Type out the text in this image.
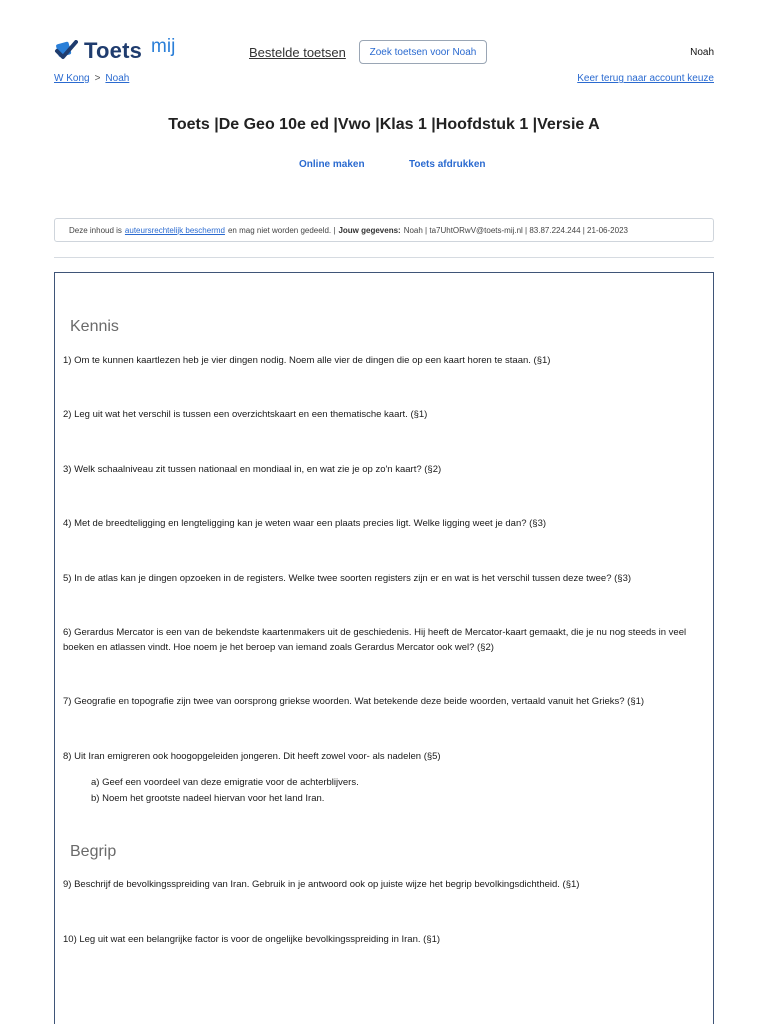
Toets mij	Bestelde toetsen	Zoek toetsen voor Noah	Noah
W Kong > Noah	Keer terug naar account keuze
Toets |De Geo 10e ed |Vwo |Klas 1 |Hoofdstuk 1 |Versie A
Online maken	Toets afdrukken
Deze inhoud is auteursrechtelijk beschermd en mag niet worden gedeeld. | Jouw gegevens: Noah | ta7UhtORwV@toets-mij.nl | 83.87.224.244 | 21-06-2023
Kennis
1) Om te kunnen kaartlezen heb je vier dingen nodig. Noem alle vier de dingen die op een kaart horen te staan. (§1)
2) Leg uit wat het verschil is tussen een overzichtskaart en een thematische kaart. (§1)
3) Welk schaalniveau zit tussen nationaal en mondiaal in, en wat zie je op zo'n kaart? (§2)
4) Met de breedteligging en lengteligging kan je weten waar een plaats precies ligt. Welke ligging weet je dan? (§3)
5) In de atlas kan je dingen opzoeken in de registers. Welke twee soorten registers zijn er en wat is het verschil tussen deze twee? (§3)
6) Gerardus Mercator is een van de bekendste kaartenmakers uit de geschiedenis. Hij heeft de Mercator-kaart gemaakt, die je nu nog steeds in veel boeken en atlassen vindt. Hoe noem je het beroep van iemand zoals Gerardus Mercator ook wel? (§2)
7) Geografie en topografie zijn twee van oorsprong griekse woorden. Wat betekende deze beide woorden, vertaald vanuit het Grieks? (§1)
8) Uit Iran emigreren ook hoogopgeleiden jongeren. Dit heeft zowel voor- als nadelen (§5)
a) Geef een voordeel van deze emigratie voor de achterblijvers.
b) Noem het grootste nadeel hiervan voor het land Iran.
Begrip
9) Beschrijf de bevolkingsspreiding van Iran. Gebruik in je antwoord ook op juiste wijze het begrip bevolkingsdichtheid. (§1)
10) Leg uit wat een belangrijke factor is voor de ongelijke bevolkingsspreiding in Iran. (§1)
